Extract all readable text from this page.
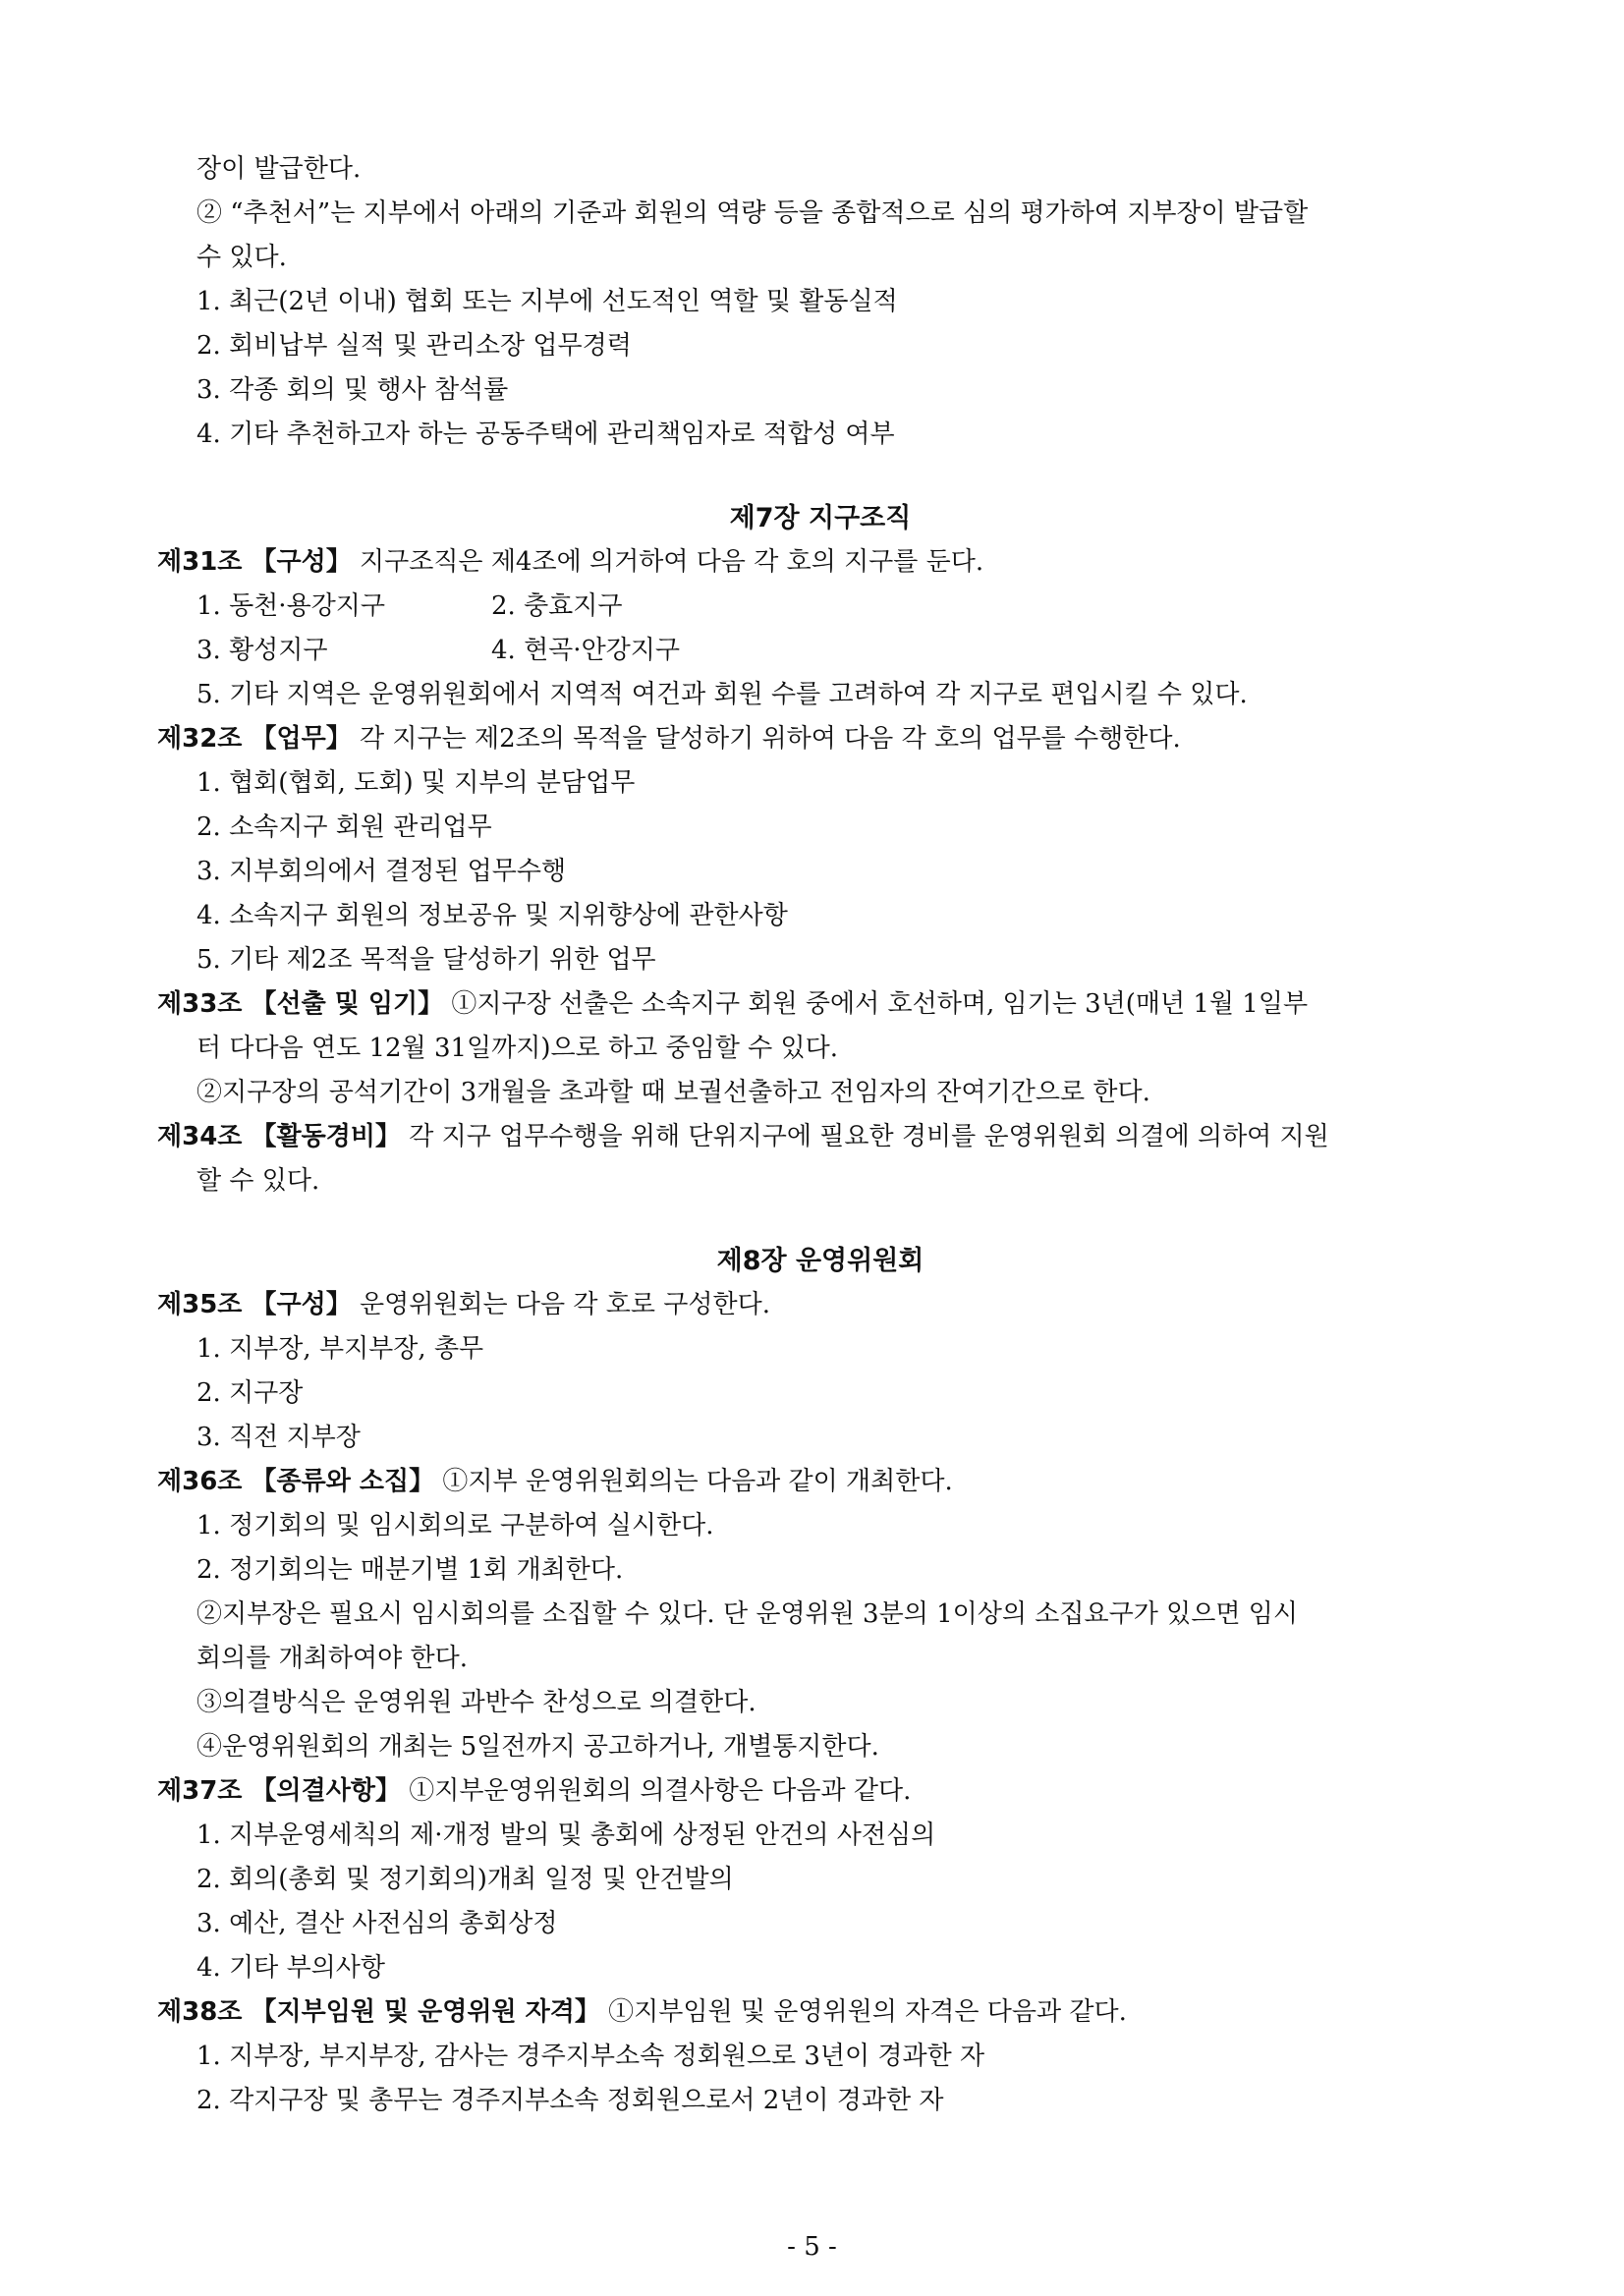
장이 발급한다.
② “추천서”는 지부에서 아래의 기준과 회원의 역량 등을 종합적으로 심의 평가하여 지부장이 발급할
수 있다.
1. 최근(2년 이내) 협회 또는 지부에 선도적인 역할 및 활동실적
2. 회비납부 실적 및 관리소장 업무경력
3. 각종 회의 및 행사 참석률
4. 기타 추천하고자 하는 공동주택에 관리책임자로 적합성 여부
제7장 지구조직
제31조 【구성】 지구조직은 제4조에 의거하여 다음 각 호의 지구를 둔다.
1. 동천·용강지구	2. 충효지구
3. 황성지구	4. 현곡·안강지구
5. 기타 지역은 운영위원회에서 지역적 여건과 회원 수를 고려하여 각 지구로 편입시킬 수 있다.
제32조 【업무】 각 지구는 제2조의 목적을 달성하기 위하여 다음 각 호의 업무를 수행한다.
1. 협회(협회, 도회) 및 지부의 분담업무
2. 소속지구 회원 관리업무
3. 지부회의에서 결정된 업무수행
4. 소속지구 회원의 정보공유 및 지위향상에 관한사항
5. 기타 제2조 목적을 달성하기 위한 업무
제33조 【선출 및 임기】 ①지구장 선출은 소속지구 회원 중에서 호선하며, 임기는 3년(매년 1월 1일부
터 다다음 연도 12월 31일까지)으로 하고 중임할 수 있다.
②지구장의 공석기간이 3개월을 초과할 때 보궐선출하고 전임자의 잔여기간으로 한다.
제34조 【활동경비】 각 지구 업무수행을 위해 단위지구에 필요한 경비를 운영위원회 의결에 의하여 지원
할 수 있다.
제8장 운영위원회
제35조 【구성】 운영위원회는 다음 각 호로 구성한다.
1. 지부장, 부지부장, 총무
2. 지구장
3. 직전 지부장
제36조 【종류와 소집】 ①지부 운영위원회의는 다음과 같이 개최한다.
1. 정기회의 및 임시회의로 구분하여 실시한다.
2. 정기회의는 매분기별 1회 개최한다.
②지부장은 필요시 임시회의를 소집할 수 있다. 단 운영위원 3분의 1이상의 소집요구가 있으면 임시
회의를 개최하여야 한다.
③의결방식은 운영위원 과반수 찬성으로 의결한다.
④운영위원회의 개최는 5일전까지 공고하거나, 개별통지한다.
제37조 【의결사항】 ①지부운영위원회의 의결사항은 다음과 같다.
1. 지부운영세칙의 제·개정 발의 및 총회에 상정된 안건의 사전심의
2. 회의(총회 및 정기회의)개최 일정 및 안건발의
3. 예산, 결산 사전심의 총회상정
4. 기타 부의사항
제38조 【지부임원 및 운영위원 자격】 ①지부임원 및 운영위원의 자격은 다음과 같다.
1. 지부장, 부지부장, 감사는 경주지부소속 정회원으로 3년이 경과한 자
2. 각지구장 및 총무는 경주지부소속 정회원으로서 2년이 경과한 자
- 5 -
